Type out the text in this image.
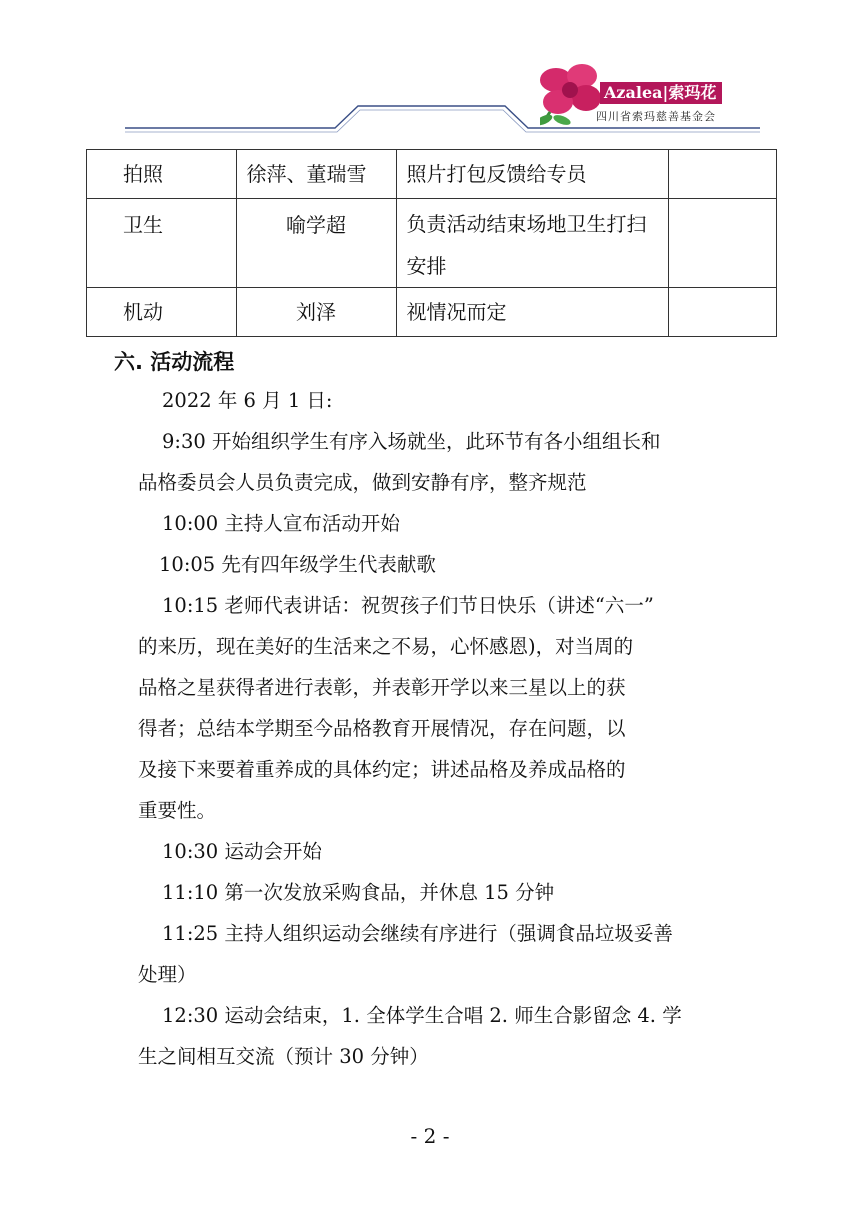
Azalea|索玛花
四川省索玛慈善基金会
拍照	徐萍、董瑞雪	照片打包反馈给专员	
卫生	喻学超	负责活动结束场地卫生打扫
安排	

机动	刘泽	视情况而定	
六. 活动流程
2022 年 6 月 1 日:
9:30 开始组织学生有序入场就坐，此环节有各小组组长和
品格委员会人员负责完成，做到安静有序，整齐规范
10:00 主持人宣布活动开始
10:05 先有四年级学生代表献歌
10:15 老师代表讲话：祝贺孩子们节日快乐（讲述“六一”
的来历，现在美好的生活来之不易，心怀感恩)，对当周的
品格之星获得者进行表彰，并表彰开学以来三星以上的获
得者；总结本学期至今品格教育开展情况，存在问题，以
及接下来要着重养成的具体约定；讲述品格及养成品格的
重要性。
10:30 运动会开始
11:10 第一次发放采购食品，并休息 15 分钟
11:25 主持人组织运动会继续有序进行（强调食品垃圾妥善
处理）
12:30 运动会结束，1. 全体学生合唱 2. 师生合影留念 4. 学
生之间相互交流（预计 30 分钟）
- 2 -
